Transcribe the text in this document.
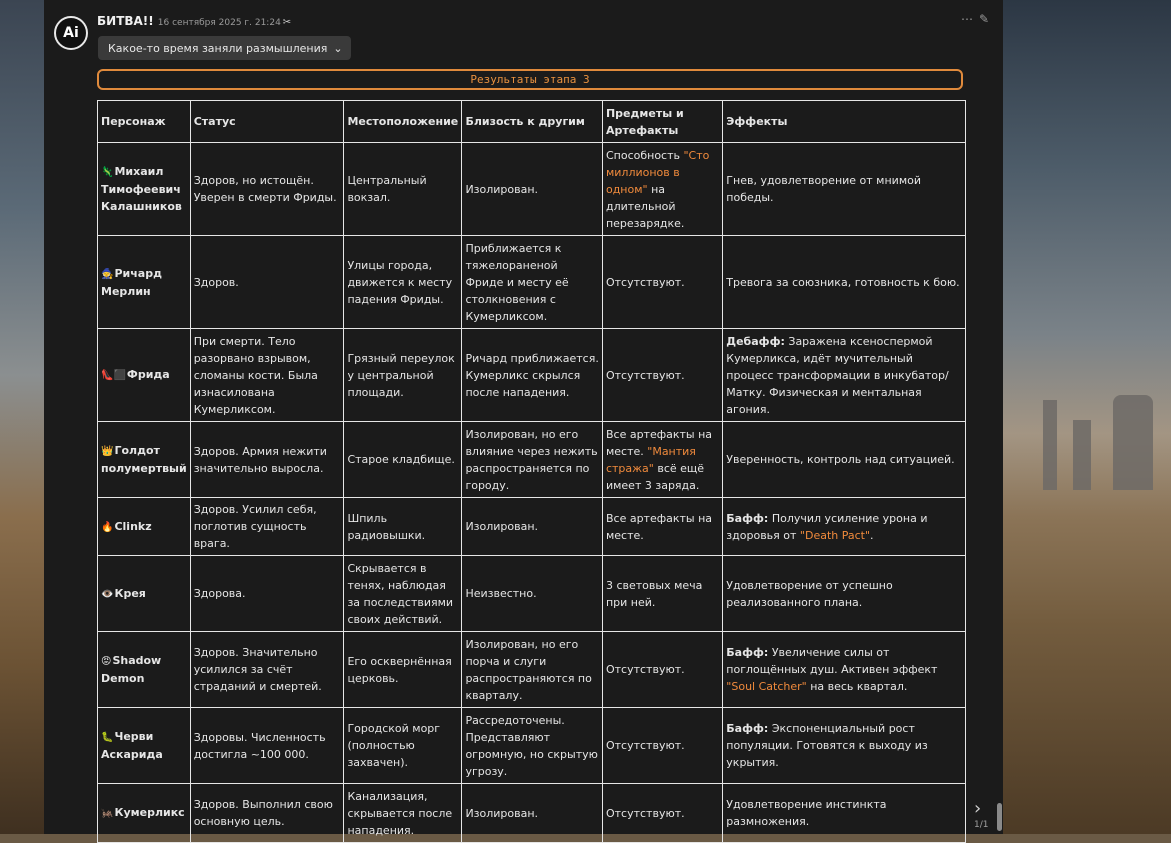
Ai
БИТВА!! 16 сентября 2025 г. 21:24 ✂	⋯ ✎
Какое-то время заняли размышления ⌄
Результаты этапа 3
Персонаж	Статус	Местоположение	Близость к другим	Предметы и Артефакты	Эффекты
🦎Михаил Тимофеевич Калашников	Здоров, но истощён. Уверен в смерти Фриды.	Центральный вокзал.	Изолирован.	Способность "Сто миллионов в одном" на длительной перезарядке.	Гнев, удовлетворение от мнимой победы.
🧙Ричард Мерлин	Здоров.	Улицы города, движется к месту падения Фриды.	Приближается к тяжелораненой Фриде и месту её столкновения с Кумерликсом.	Отсутствуют.	Тревога за союзника, готовность к бою.
👠⬛Фрида	При смерти. Тело разорвано взрывом, сломаны кости. Была изнасилована Кумерликсом.	Грязный переулок у центральной площади.	Ричард приближается. Кумерликс скрылся после нападения.	Отсутствуют.	Дебафф: Заражена ксеноспермой Кумерликса, идёт мучительный процесс трансформации в инкубатор/Матку. Физическая и ментальная агония.
👑Голдот полумертвый	Здоров. Армия нежити значительно выросла.	Старое кладбище.	Изолирован, но его влияние через нежить распространяется по городу.	Все артефакты на месте. "Мантия стража" всё ещё имеет 3 заряда.	Уверенность, контроль над ситуацией.
🔥Clinkz	Здоров. Усилил себя, поглотив сущность врага.	Шпиль радиовышки.	Изолирован.	Все артефакты на месте.	Бафф: Получил усиление урона и здоровья от "Death Pact".
👁️Крея	Здорова.	Скрывается в тенях, наблюдая за последствиями своих действий.	Неизвестно.	3 световых меча при ней.	Удовлетворение от успешно реализованного плана.
😡Shadow Demon	Здоров. Значительно усилился за счёт страданий и смертей.	Его осквернённая церковь.	Изолирован, но его порча и слуги распространяются по кварталу.	Отсутствуют.	Бафф: Увеличение силы от поглощённых душ. Активен эффект "Soul Catcher" на весь квартал.
🐛Черви Аскарида	Здоровы. Численность достигла ~100 000.	Городской морг (полностью захвачен).	Рассредоточены. Представляют огромную, но скрытую угрозу.	Отсутствуют.	Бафф: Экспоненциальный рост популяции. Готовятся к выходу из укрытия.
🦗Кумерликс	Здоров. Выполнил свою основную цель.	Канализация, скрывается после нападения.	Изолирован.	Отсутствуют.	Удовлетворение инстинкта размножения.
›
1/1
